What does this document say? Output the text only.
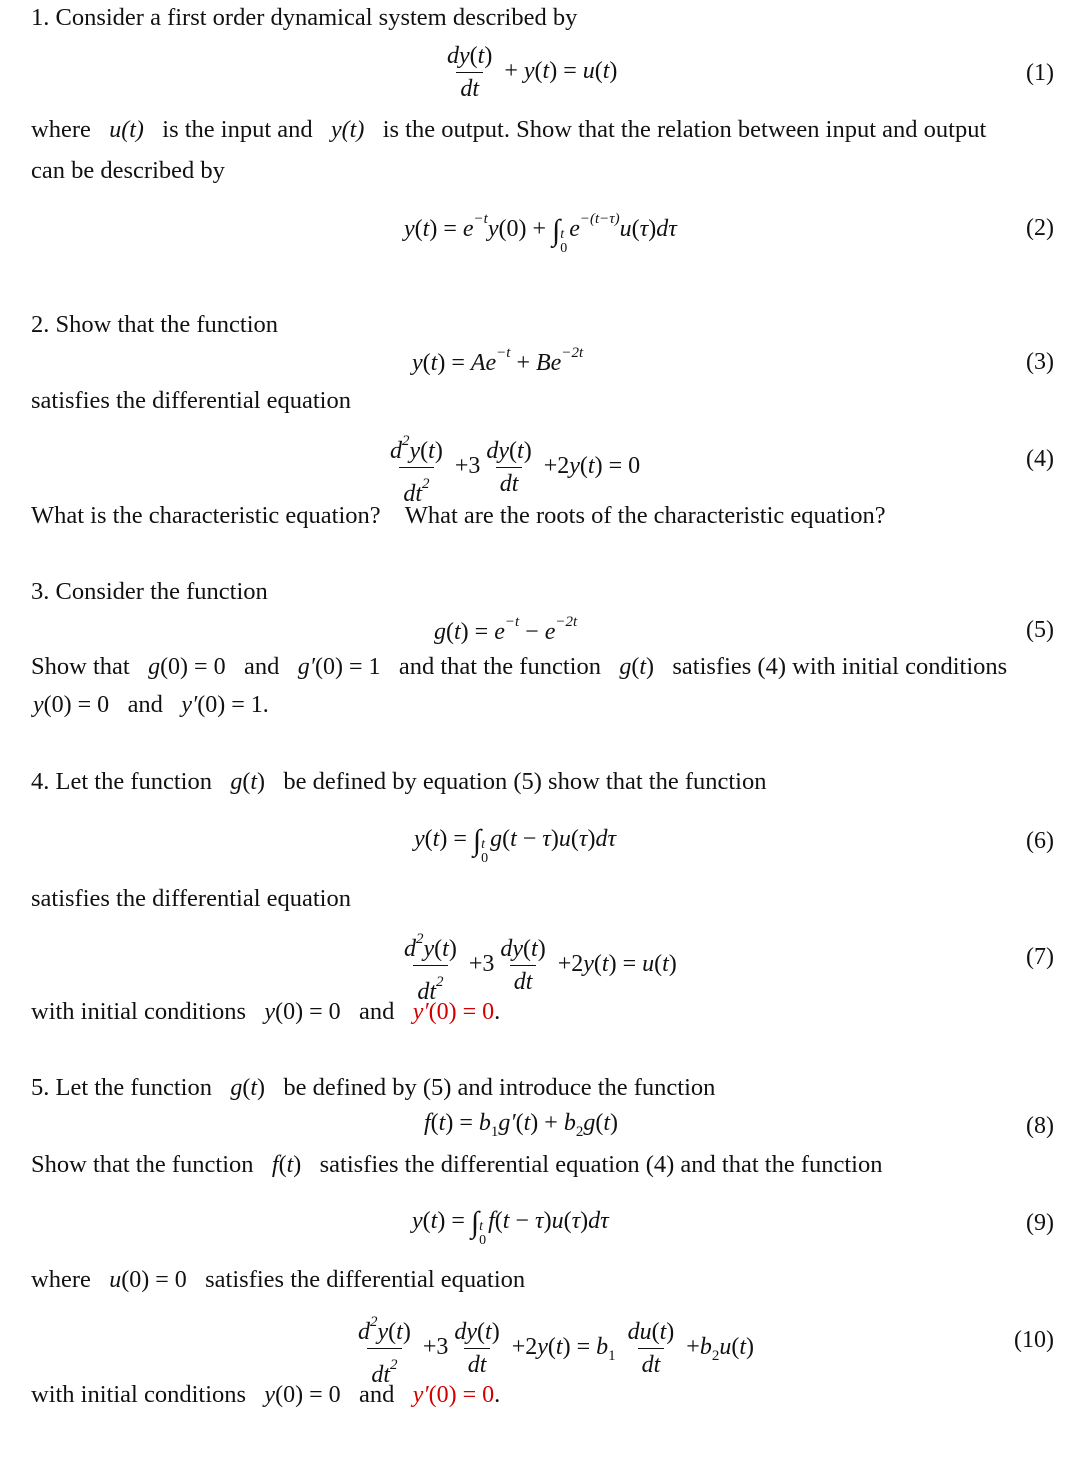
1. Consider a first order dynamical system described by
$\frac{dy(t)}{dt} + y(t) = u(t)$	(1)
where u(t) is the input and y(t) is the output. Show that the relation between input and output
can be described by
$y(t) = e^{-t}y(0)$ + ∫ t
0
$e^{-(t-\tau)}u(\tau)d\tau$	(2)
2. Show that the function
$y(t) = Ae^{-t} + Be^{-2t}$	(3)
satisfies the differential equation
$\frac{d^2y(t)}{dt^2} +3 \frac{dy(t)}{dt} +2y(t) = 0$	(4)
What is the characteristic equation? What are the roots of the characteristic equation?
3. Consider the function
$g(t) = e^{-t} - e^{-2t}$	(5)
Show that g(0) = 0 and g′(0) = 1 and that the function g(t) satisfies (4) with initial conditions
y(0) = 0 and y′(0) = 1.
4. Let the function g(t) be defined by equation (5) show that the function
y(t) = ∫ t
0
g(t − τ)u(τ)dτ	(6)
satisfies the differential equation
$\frac{d^2y(t)}{dt^2} +3 \frac{dy(t)}{dt} +2y(t) = u(t)$	(7)
with initial conditions y(0) = 0 and y′(0) = 0.
5. Let the function g(t) be defined by (5) and introduce the function
$f(t) = b_1g'(t) + b_2g(t)$	(8)
Show that the function f(t) satisfies the differential equation (4) and that the function
y(t) = ∫ t
0
f(t − τ)u(τ)dτ	(9)
where u(0) = 0 satisfies the differential equation
$\frac{d^2y(t)}{dt^2} +3 \frac{dy(t)}{dt} +2y(t) = b_1 \frac{du(t)}{dt} +b_2u(t)$	(10)
with initial conditions y(0) = 0 and y′(0) = 0.
